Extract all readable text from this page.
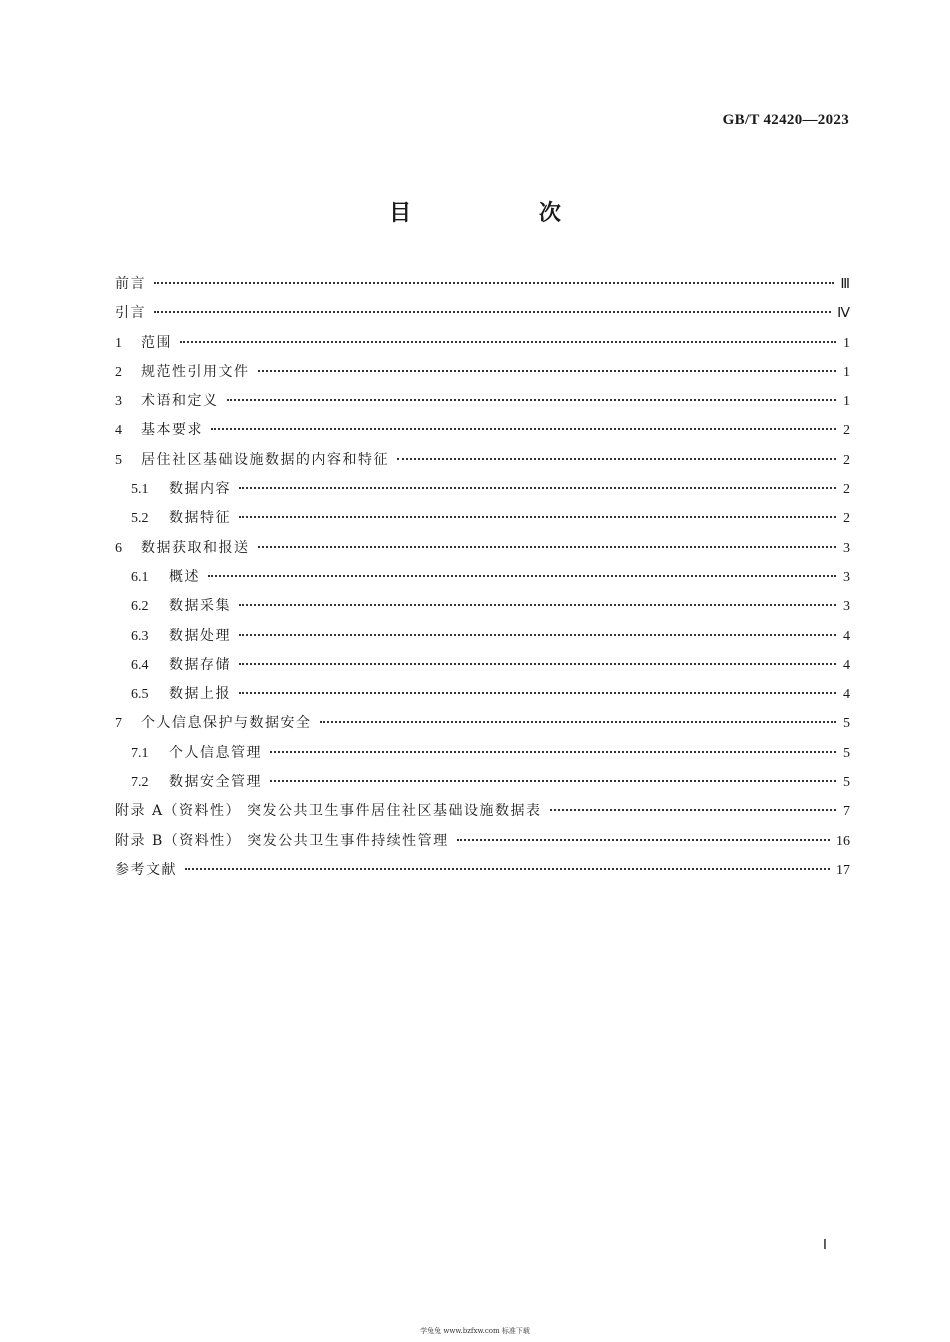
GB/T 42420—2023
目 次
前言	Ⅲ
引言	Ⅳ
1	范围	1
2	规范性引用文件	1
3	术语和定义	1
4	基本要求	2
5	居住社区基础设施数据的内容和特征	2
5.1	数据内容	2
5.2	数据特征	2
6	数据获取和报送	3
6.1	概述	3
6.2	数据采集	3
6.3	数据处理	4
6.4	数据存储	4
6.5	数据上报	4
7	个人信息保护与数据安全	5
7.1	个人信息管理	5
7.2	数据安全管理	5
附录 A（资料性） 突发公共卫生事件居住社区基础设施数据表	7
附录 B（资料性） 突发公共卫生事件持续性管理	16
参考文献	17
Ⅰ
学兔兔 www.bzfxw.com 标准下载
